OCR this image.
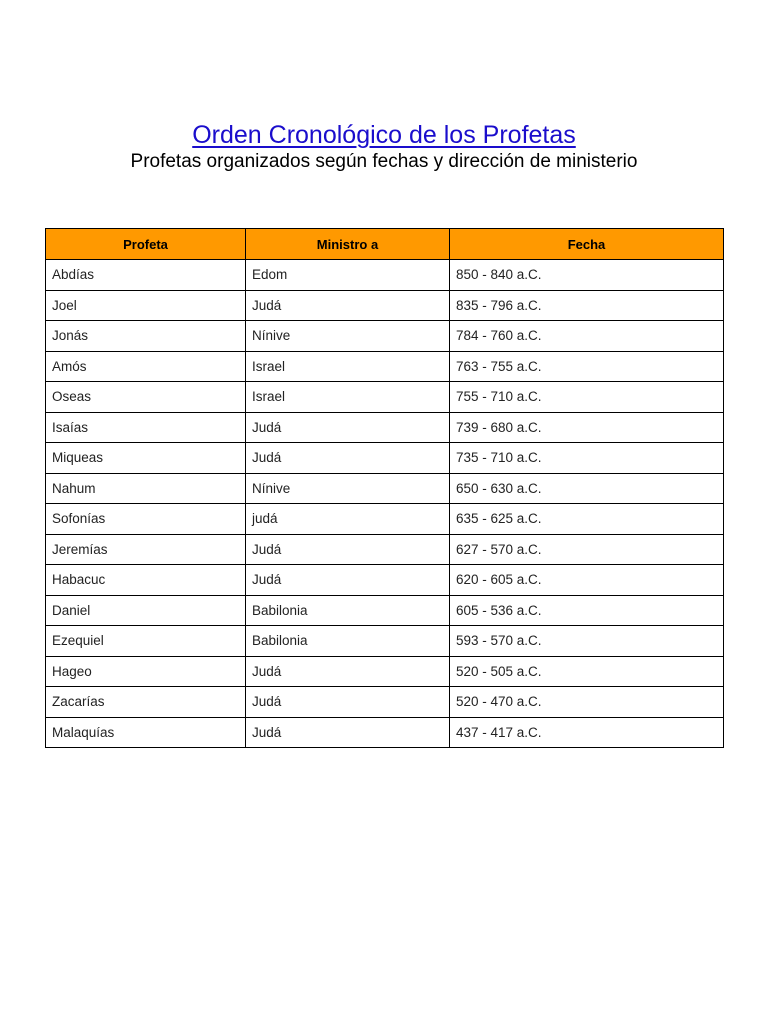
Orden Cronológico de los Profetas
Profetas organizados según fechas y dirección de ministerio
Profeta	Ministro a	Fecha
Abdías	Edom	850 - 840 a.C.
Joel	Judá	835 - 796 a.C.
Jonás	Nínive	784 - 760 a.C.
Amós	Israel	763 - 755 a.C.
Oseas	Israel	755 - 710 a.C.
Isaías	Judá	739 - 680 a.C.
Miqueas	Judá	735 - 710 a.C.
Nahum	Nínive	650 - 630 a.C.
Sofonías	judá	635 - 625 a.C.
Jeremías	Judá	627 - 570 a.C.
Habacuc	Judá	620 - 605 a.C.
Daniel	Babilonia	605 - 536 a.C.
Ezequiel	Babilonia	593 - 570 a.C.
Hageo	Judá	520 - 505 a.C.
Zacarías	Judá	520 - 470 a.C.
Malaquías	Judá	437 - 417 a.C.
